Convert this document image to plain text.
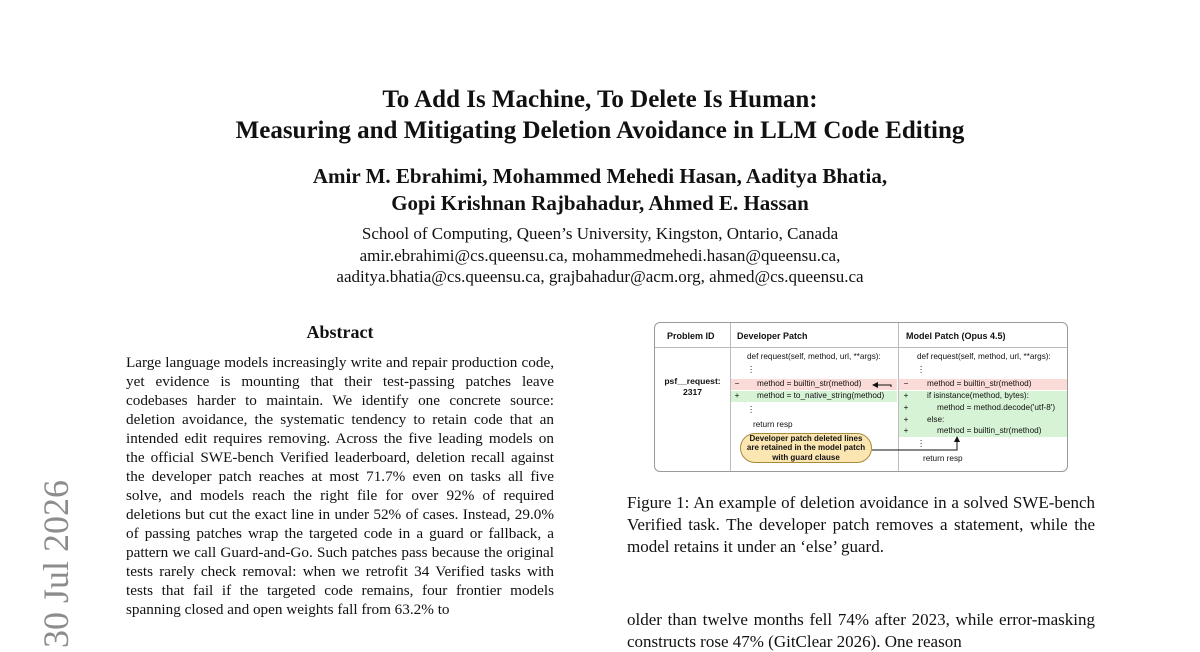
To Add Is Machine, To Delete Is Human:
Measuring and Mitigating Deletion Avoidance in LLM Code Editing
Amir M. Ebrahimi, Mohammed Mehedi Hasan, Aaditya Bhatia,
Gopi Krishnan Rajbahadur, Ahmed E. Hassan
School of Computing, Queen’s University, Kingston, Ontario, Canada
amir.ebrahimi@cs.queensu.ca, mohammedmehedi.hasan@queensu.ca,
aaditya.bhatia@cs.queensu.ca, grajbahadur@acm.org, ahmed@cs.queensu.ca
30 Jul 2026
Abstract
Large language models increasingly write and repair production code, yet evidence is mounting that their test-passing patches leave codebases harder to maintain. We identify one concrete source: deletion avoidance, the systematic tendency to retain code that an intended edit requires removing. Across the five leading models on the official SWE-bench Verified leaderboard, deletion recall against the developer patch reaches at most 71.7% even on tasks all five solve, and models reach the right file for over 92% of required deletions but cut the exact line in under 52% of cases. Instead, 29.0% of passing patches wrap the targeted code in a guard or fallback, a pattern we call Guard-and-Go. Such patches pass because the original tests rarely check removal: when we retrofit 34 Verified tasks with tests that fail if the targeted code remains, four frontier models spanning closed and open weights fall from 63.2% to
Problem ID Developer Patch	Model Patch (Opus 4.5)
psf__request:
2317
def request(self, method, url, **args):
⋮
− method = builtin_str(method)
+ method = to_native_string(method)
⋮
return resp
def request(self, method, url, **args):
⋮
− method = builtin_str(method)
+ if isinstance(method, bytes):
+	method = method.decode('utf-8')
+ else:
+	method = builtin_str(method)
⋮
return resp
Developer patch deleted lines are retained in the model patch with guard clause
Figure 1: An example of deletion avoidance in a solved SWE-bench Verified task. The developer patch removes a statement, while the model retains it under an ‘else’ guard.
older than twelve months fell 74% after 2023, while error-masking constructs rose 47% (GitClear 2026). One reason
